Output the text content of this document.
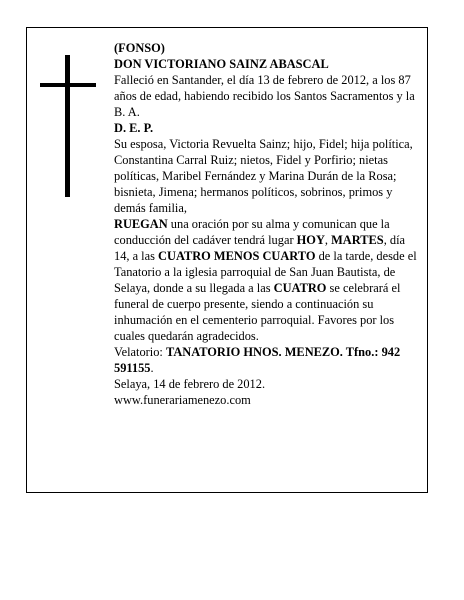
(FONSO)

DON VICTORIANO SAINZ ABASCAL

Falleció en Santander, el día 13 de febrero de 2012, a los 87 años de edad, habiendo recibido los Santos Sacramentos y la B. A.

D. E. P.

Su esposa, Victoria Revuelta Sainz; hijo, Fidel; hija política, Constantina Carral Ruiz; nietos, Fidel y Porfirio; nietas políticas, Maribel Fernández y Marina Durán de la Rosa; bisnieta, Jimena; hermanos políticos, sobrinos, primos y demás familia,

RUEGAN una oración por su alma y comunican que la conducción del cadáver tendrá lugar HOY, MARTES, día 14, a las CUATRO MENOS CUARTO de la tarde, desde el Tanatorio a la iglesia parroquial de San Juan Bautista, de Selaya, donde a su llegada a las CUATRO se celebrará el funeral de cuerpo presente, siendo a continuación su inhumación en el cementerio parroquial. Favores por los cuales quedarán agradecidos.

Velatorio: TANATORIO HNOS. MENEZO. Tfno.: 942 591155.

Selaya, 14 de febrero de 2012.

www.funerariamenezo.com
